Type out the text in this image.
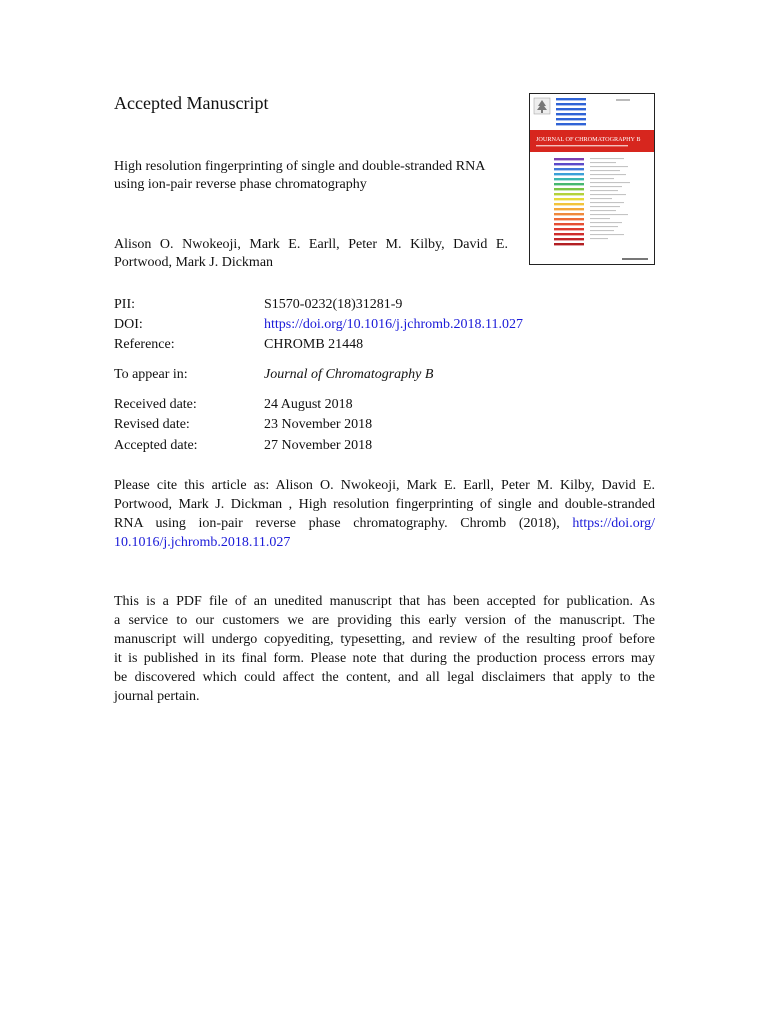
Accepted Manuscript
High resolution fingerprinting of single and double-stranded RNA
using ion-pair reverse phase chromatography
Alison O. Nwokeoji, Mark E. Earll, Peter M. Kilby, David E.
Portwood, Mark J. Dickman
JOURNAL OF CHROMATOGRAPHY B
PII:	S1570-0232(18)31281-9
DOI:	https://doi.org/10.1016/j.jchromb.2018.11.027
Reference:	CHROMB 21448
To appear in:	Journal of Chromatography B
Received date:	24 August 2018
Revised date:	23 November 2018
Accepted date:	27 November 2018
Please cite this article as: Alison O. Nwokeoji, Mark E. Earll, Peter M. Kilby, David E.
Portwood, Mark J. Dickman , High resolution fingerprinting of single and double-stranded
RNA using ion-pair reverse phase chromatography. Chromb (2018), https://doi.org/
10.1016/j.jchromb.2018.11.027
This is a PDF file of an unedited manuscript that has been accepted for publication. As
a service to our customers we are providing this early version of the manuscript. The
manuscript will undergo copyediting, typesetting, and review of the resulting proof before
it is published in its final form. Please note that during the production process errors may
be discovered which could affect the content, and all legal disclaimers that apply to the
journal pertain.
